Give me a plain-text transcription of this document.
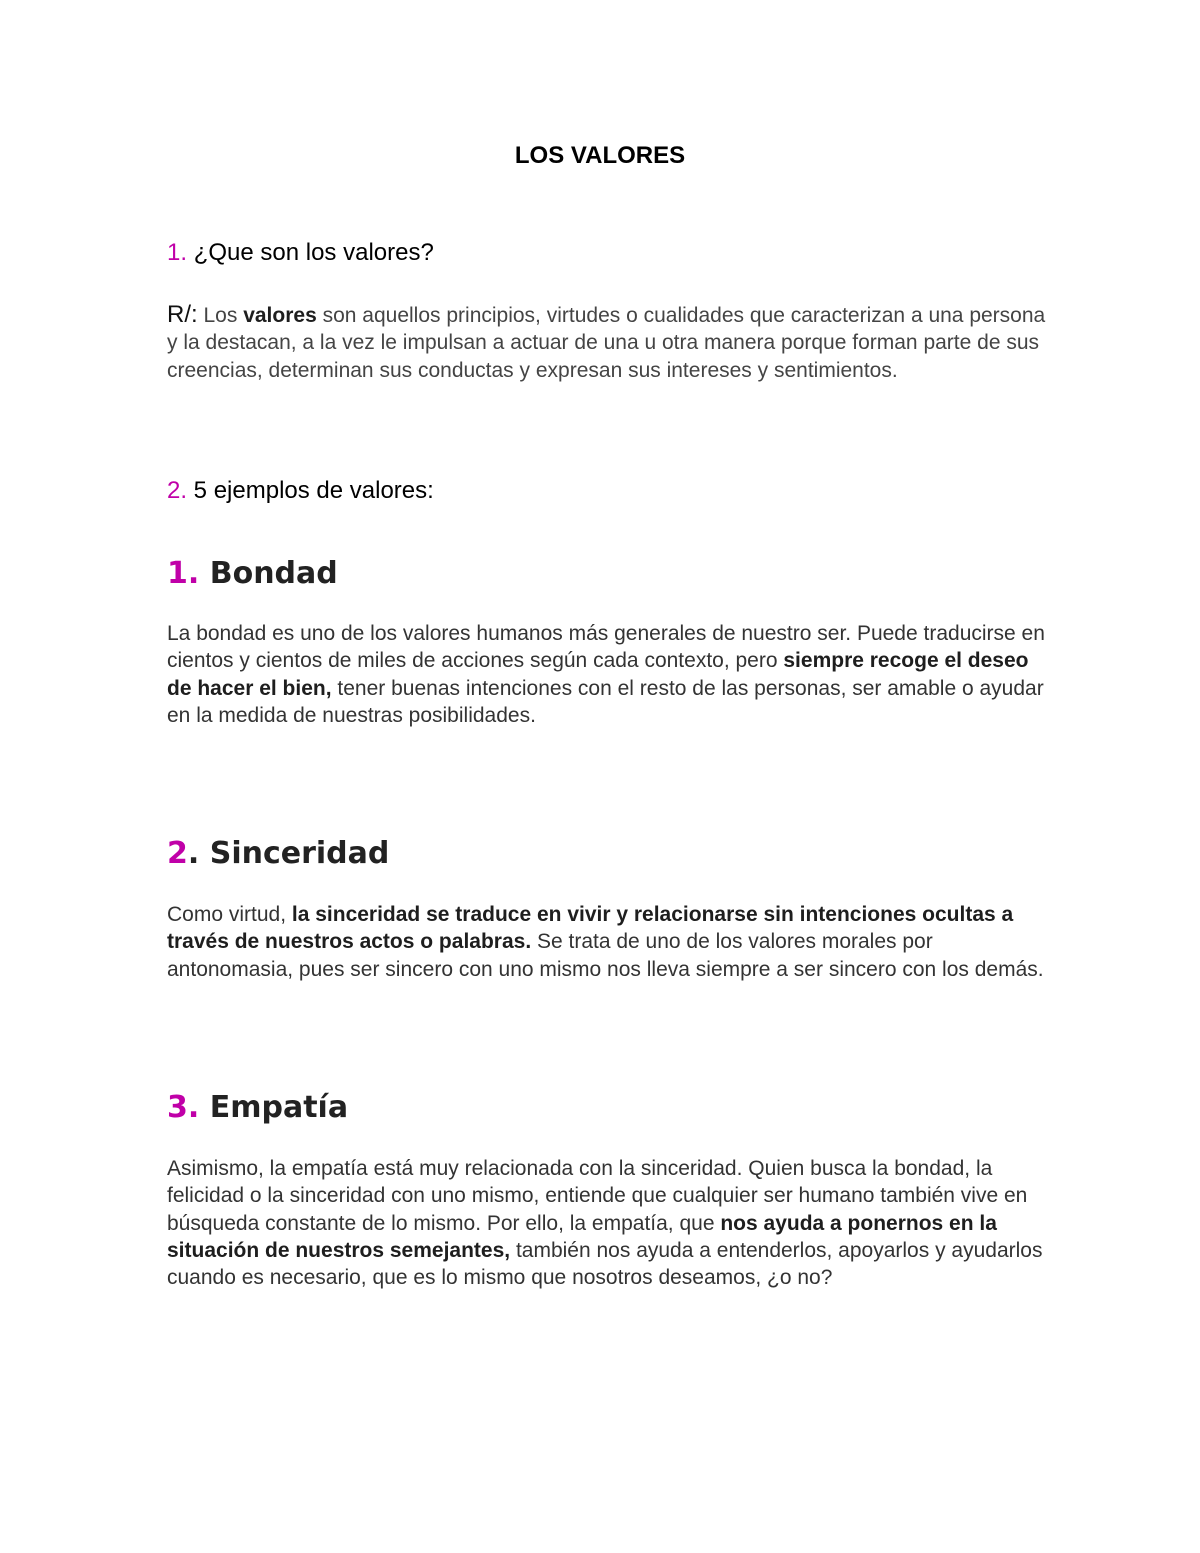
LOS VALORES

1. ¿Que son los valores?

R/: Los valores son aquellos principios, virtudes o cualidades que caracterizan a una persona y la destacan, a la vez le impulsan a actuar de una u otra manera porque forman parte de sus creencias, determinan sus conductas y expresan sus intereses y sentimientos.

2. 5 ejemplos de valores:

1. Bondad

La bondad es uno de los valores humanos más generales de nuestro ser. Puede traducirse en cientos y cientos de miles de acciones según cada contexto, pero siempre recoge el deseo de hacer el bien, tener buenas intenciones con el resto de las personas, ser amable o ayudar en la medida de nuestras posibilidades.

2. Sinceridad

Como virtud, la sinceridad se traduce en vivir y relacionarse sin intenciones ocultas a través de nuestros actos o palabras. Se trata de uno de los valores morales por antonomasia, pues ser sincero con uno mismo nos lleva siempre a ser sincero con los demás.

3. Empatía

Asimismo, la empatía está muy relacionada con la sinceridad. Quien busca la bondad, la felicidad o la sinceridad con uno mismo, entiende que cualquier ser humano también vive en búsqueda constante de lo mismo. Por ello, la empatía, que nos ayuda a ponernos en la situación de nuestros semejantes, también nos ayuda a entenderlos, apoyarlos y ayudarlos cuando es necesario, que es lo mismo que nosotros deseamos, ¿o no?
